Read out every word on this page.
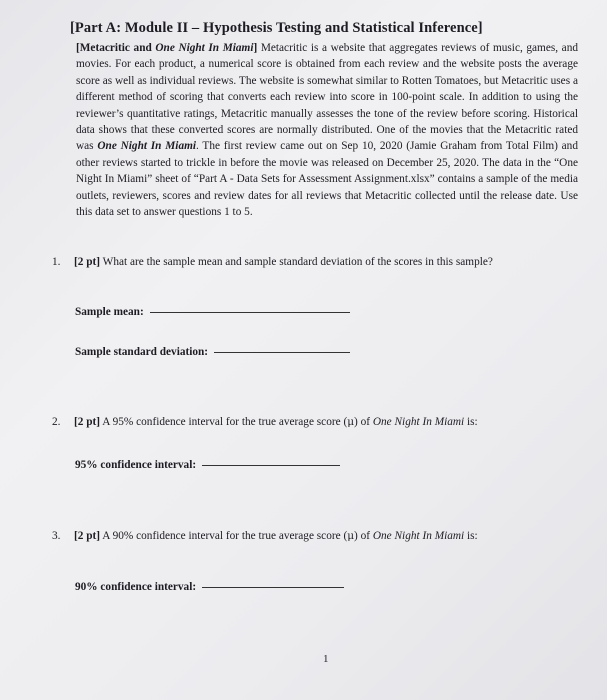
[Part A: Module II – Hypothesis Testing and Statistical Inference]
[Metacritic and One Night In Miami] Metacritic is a website that aggregates reviews of music, games, and movies. For each product, a numerical score is obtained from each review and the website posts the average score as well as individual reviews. The website is somewhat similar to Rotten Tomatoes, but Metacritic uses a different method of scoring that converts each review into score in 100-point scale. In addition to using the reviewer’s quantitative ratings, Metacritic manually assesses the tone of the review before scoring. Historical data shows that these converted scores are normally distributed. One of the movies that the Metacritic rated was One Night In Miami. The first review came out on Sep 10, 2020 (Jamie Graham from Total Film) and other reviews started to trickle in before the movie was released on December 25, 2020. The data in the “One Night In Miami” sheet of “Part A - Data Sets for Assessment Assignment.xlsx” contains a sample of the media outlets, reviewers, scores and review dates for all reviews that Metacritic collected until the release date. Use this data set to answer questions 1 to 5.
1. [2 pt] What are the sample mean and sample standard deviation of the scores in this sample?
Sample mean:
Sample standard deviation:
2. [2 pt] A 95% confidence interval for the true average score (μ) of One Night In Miami is:
95% confidence interval:
3. [2 pt] A 90% confidence interval for the true average score (μ) of One Night In Miami is:
90% confidence interval:
1
